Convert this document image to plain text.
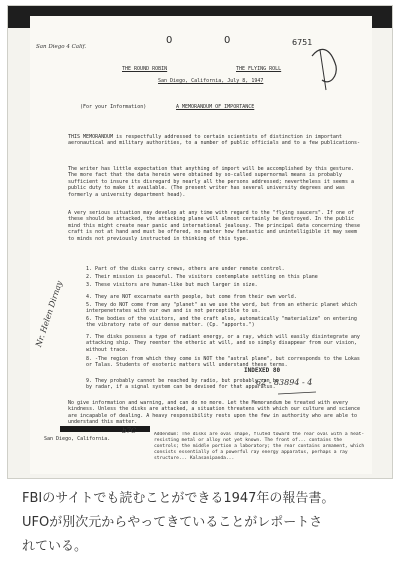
San Diego 4 Calif.
0	0	6751
THE ROUND ROBIN	THE FLYING ROLL
San Diego, California, July 8, 1947
(For your Information)	A MEMORANDUM OF IMPORTANCE
THIS MEMORANDUM is respectfully addressed to certain scientists of distinction in important aeronautical and military authorities, to a number of public officials and to a few publications-
The writer has little expectation that anything of import will be accomplished by this gesture. The more fact that the data herein were obtained by so-called supernormal means is probably sufficient to insure its disregard by nearly all the persons addressed; nevertheless it seems a public duty to make it available. (The present writer has several university degrees and was formerly a university department head).
A very serious situation may develop at any time with regard to the "flying saucers". If one of these should be attacked, the attacking plane will almost certainly be destroyed. In the public mind this might create near panic and international jealousy. The principal data concerning these craft is not at hand and must be offered, no matter how fantastic and unintelligible it may seem to minds not previously instructed in thinking of this type.
1. Part of the disks carry crews, others are under remote control.
2. Their mission is peaceful. The visitors contemplate settling on this plane
3. These visitors are human-like but much larger in size.
4. They are NOT excarnate earth people, but come from their own world.
5. They do NOT come from any "planet" as we use the word, but from an etheric planet which interpenetrates with our own and is not perceptible to us.
6. The bodies of the visitors, and the craft also, automatically "materialize" on entering the vibratory rate of our dense matter. (Cp. "apports.")
7. The disks possess a type of radiant energy, or a ray, which will easily disintegrate any attacking ship. They reenter the etheric at will, and so simply disappear from our vision, without trace.
8. -The region from which they come is NOT the "astral plane", but corresponds to the Lokas or Talas. Students of esoteric matters will understand these terms.
9. They probably cannot be reached by radio, but probably can be by radar, if a signal system can be devised for that apparatus.
INDEXED 80
62 - 83894 - 4
No give information and warning, and can do no more. Let the Memorandum be treated with every kindness. Unless the disks are attacked, a situation threatens with which our culture and science are incapable of dealing. A heavy responsibility rests upon the few in authority who are able to understand this matter.
Nr. Helen Dirnay
San Diego, California.
b7C	Addendum: The disks are oval shape, fluted toward the rear oval with a heat-resisting metal or alloy not yet known. The front of... contains the controls; the middle portion a laboratory; the rear contains armament, which consists essentially of a powerful ray energy apparatus, perhaps a ray structure... Kalasanipanda...
FBIのサイトでも読むことができる1947年の報告書。
UFOが別次元からやってきていることがレポートさ
れている。
